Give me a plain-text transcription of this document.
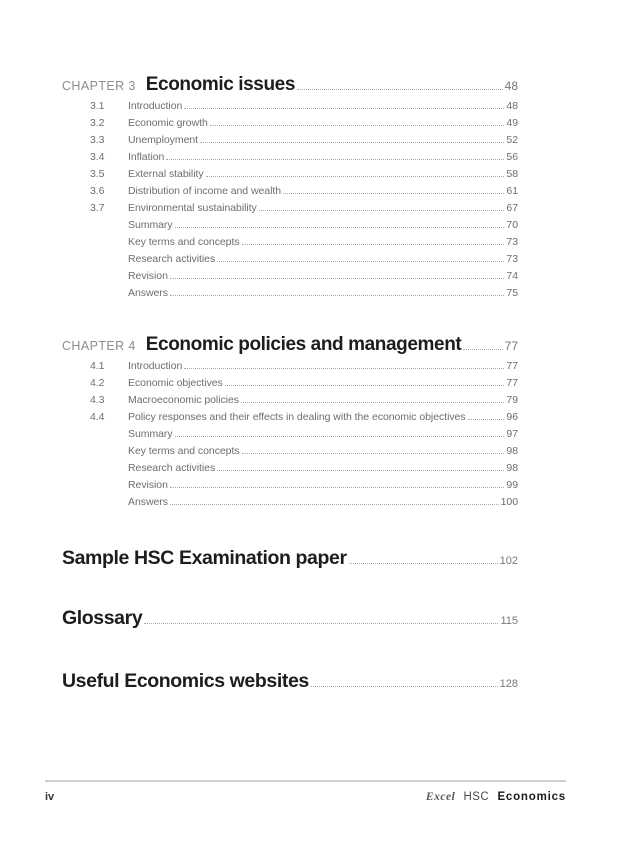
CHAPTER 3 Economic issues	48
3.1	Introduction	48
3.2	Economic growth	49
3.3	Unemployment	52
3.4	Inflation	56
3.5	External stability	58
3.6	Distribution of income and wealth	61
3.7	Environmental sustainability	67
Summary	70
Key terms and concepts	73
Research activities	73
Revision	74
Answers	75
CHAPTER 4 Economic policies and management	77
4.1	Introduction	77
4.2	Economic objectives	77
4.3	Macroeconomic policies	79
4.4	Policy responses and their effects in dealing with the economic objectives	96
Summary	97
Key terms and concepts	98
Research activities	98
Revision	99
Answers	100
Sample HSC Examination paper	102
Glossary	115
Useful Economics websites	128
iv	Excel HSC Economics
